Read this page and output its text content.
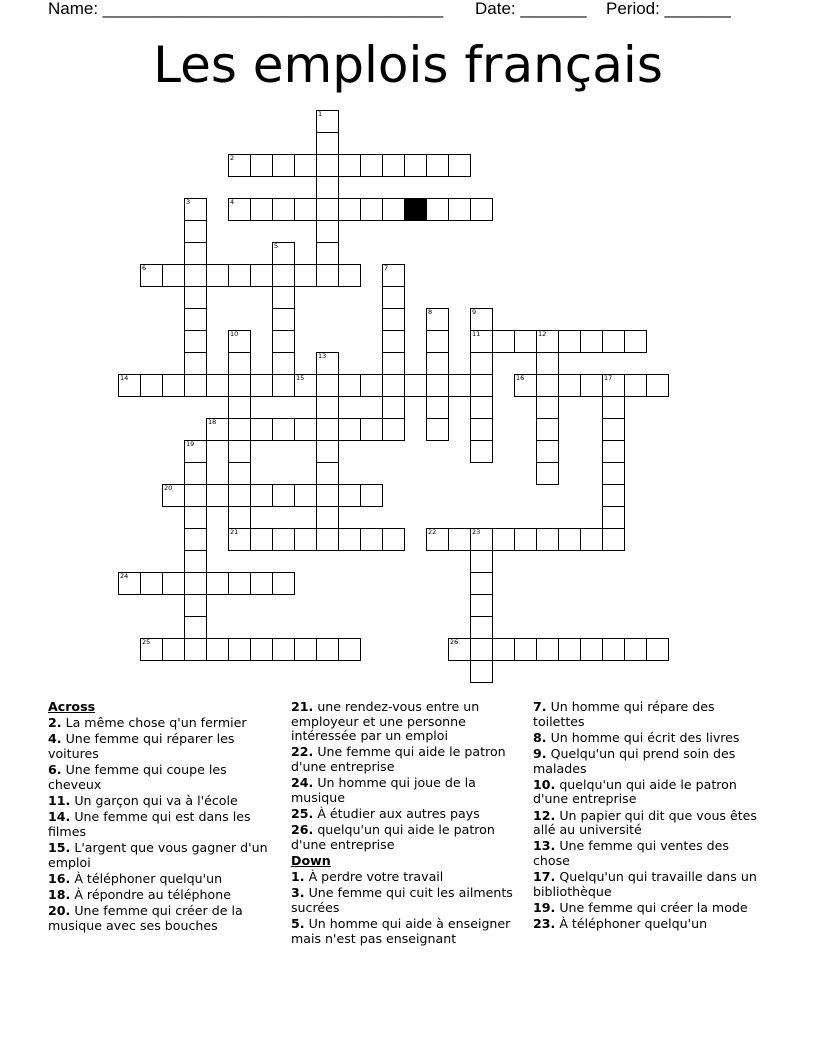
Name: ____________________________________ Date: _______ Period: _______
Les emplois français
1
2
3	4
5
6	7
8	9
11
10	12
13
14	15	16	17
18
19
20
21	22	23
24
25	26
Across
2. La même chose q'un fermier
4. Une femme qui réparer les voitures
6. Une femme qui coupe les cheveux
11. Un garçon qui va à l'école
14. Une femme qui est dans les filmes
15. L'argent que vous gagner d'un emploi
16. À téléphoner quelqu'un
18. À répondre au téléphone
20. Une femme qui créer de la musique avec ses bouches
21. une rendez-vous entre un employeur et une personne intéressée par un emploi
22. Une femme qui aide le patron d'une entreprise
24. Un homme qui joue de la musique
25. À étudier aux autres pays
26. quelqu'un qui aide le patron d'une entreprise
Down
1. À perdre votre travail
3. Une femme qui cuit les ailments sucrées
5. Un homme qui aide à enseigner mais n'est pas enseignant
7. Un homme qui répare des toilettes
8. Un homme qui écrit des livres
9. Quelqu'un qui prend soin des malades
10. quelqu'un qui aide le patron d'une entreprise
12. Un papier qui dit que vous êtes allé au université
13. Une femme qui ventes des chose
17. Quelqu'un qui travaille dans un bibliothèque
19. Une femme qui créer la mode
23. À téléphoner quelqu'un
